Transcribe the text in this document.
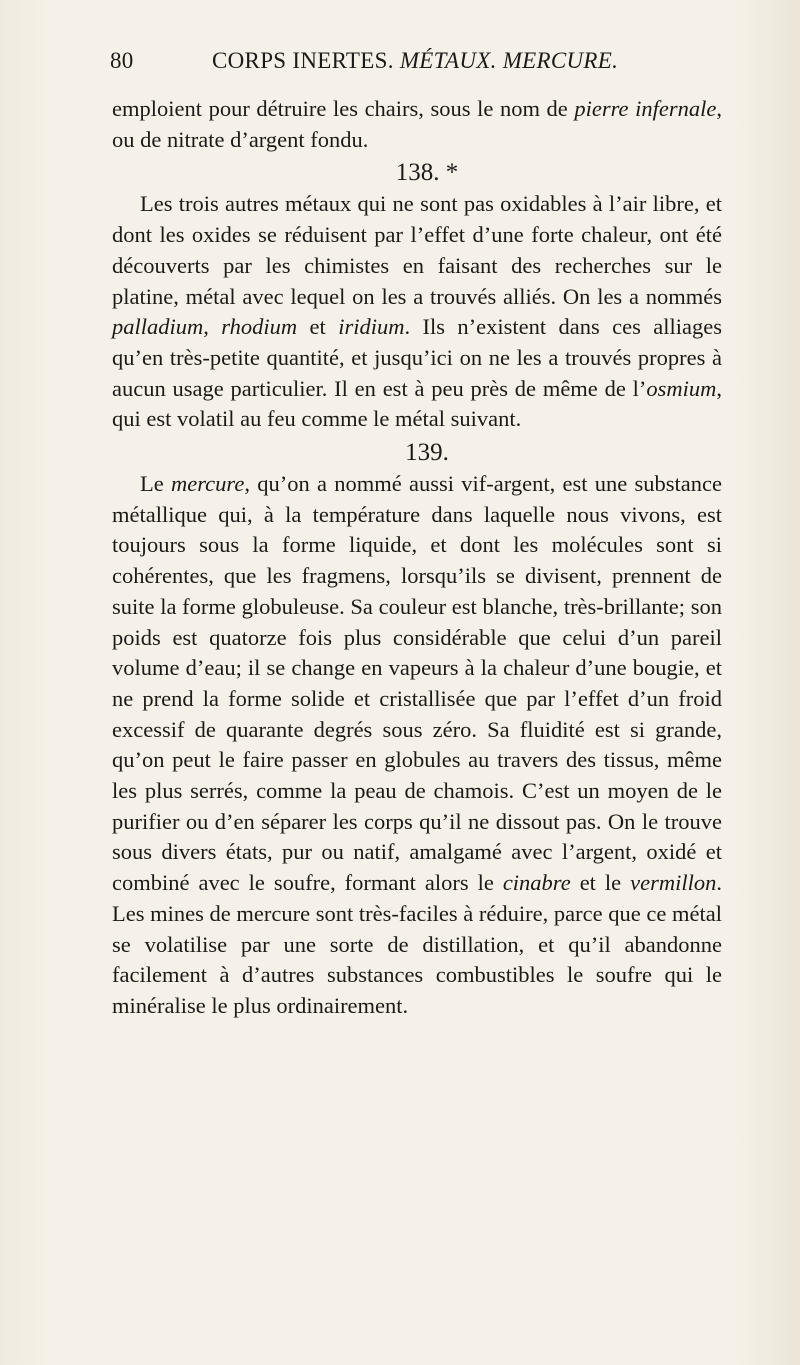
80	CORPS INERTES. MÉTAUX. MERCURE.

emploient pour détruire les chairs, sous le nom de pierre infernale, ou de nitrate d’argent fondu.

138. *

Les trois autres métaux qui ne sont pas oxidables à l’air libre, et dont les oxides se réduisent par l’effet d’une forte chaleur, ont été découverts par les chimistes en faisant des recherches sur le platine, métal avec lequel on les a trouvés alliés. On les a nommés palladium, rhodium et iridium. Ils n’existent dans ces alliages qu’en très-petite quantité, et jusqu’ici on ne les a trouvés propres à aucun usage particulier. Il en est à peu près de même de l’osmium, qui est volatil au feu comme le métal suivant.

139.

Le mercure, qu’on a nommé aussi vif-argent, est une substance métallique qui, à la température dans laquelle nous vivons, est toujours sous la forme liquide, et dont les molécules sont si cohérentes, que les fragmens, lorsqu’ils se divisent, prennent de suite la forme globuleuse. Sa couleur est blanche, très-brillante; son poids est quatorze fois plus considérable que celui d’un pareil volume d’eau; il se change en vapeurs à la chaleur d’une bougie, et ne prend la forme solide et cristallisée que par l’effet d’un froid excessif de quarante degrés sous zéro. Sa fluidité est si grande, qu’on peut le faire passer en globules au travers des tissus, même les plus serrés, comme la peau de chamois. C’est un moyen de le purifier ou d’en séparer les corps qu’il ne dissout pas. On le trouve sous divers états, pur ou natif, amalgamé avec l’argent, oxidé et combiné avec le soufre, formant alors le cinabre et le vermillon. Les mines de mercure sont très-faciles à réduire, parce que ce métal se volatilise par une sorte de distillation, et qu’il abandonne facilement à d’autres substances combustibles le soufre qui le minéralise le plus ordinairement.
